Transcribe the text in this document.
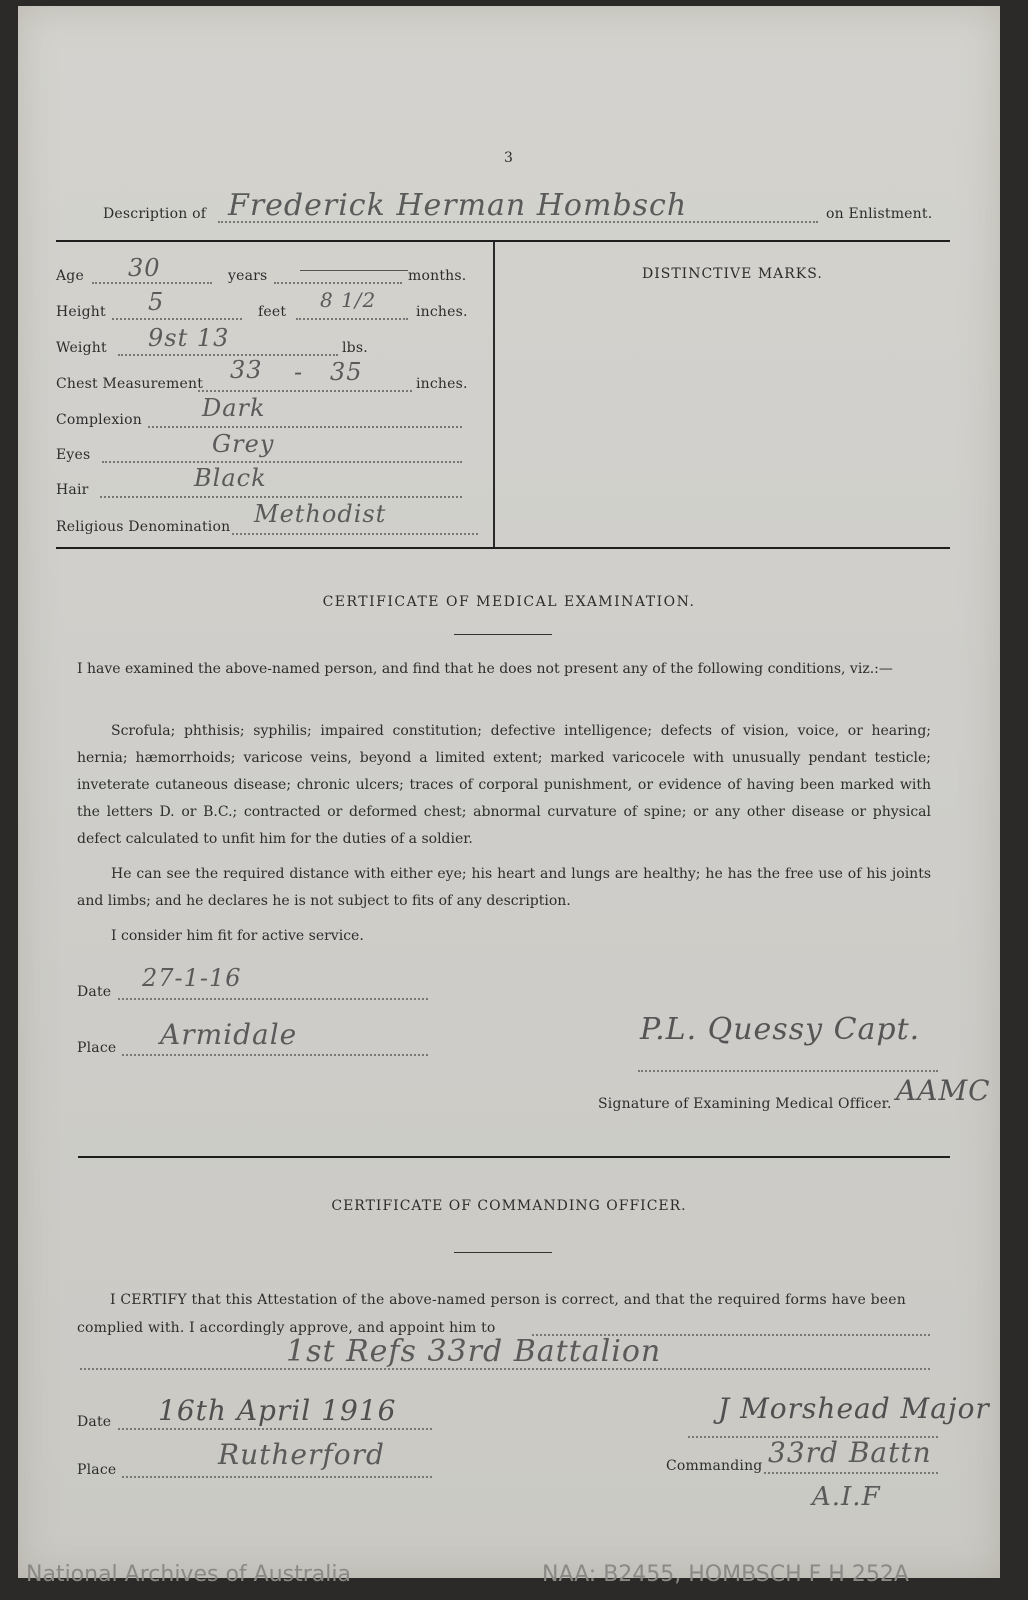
3
Description of Frederick Herman Hombsch	on Enlistment.
Age 30	years	months.
Height 5	feet 8 1/2	inches.
Weight 9st 13	lbs.
Chest Measurement 33 - 35	inches.
Complexion	Dark
Eyes	Grey
Hair	Black
Religious Denomination Methodist
DISTINCTIVE MARKS.
CERTIFICATE OF MEDICAL EXAMINATION.
I have examined the above-named person, and find that he does not present any of the following conditions, viz.:—
Scrofula; phthisis; syphilis; impaired constitution; defective intelligence; defects of vision, voice, or hearing; hernia; hæmorrhoids; varicose veins, beyond a limited extent; marked varicocele with unusually pendant testicle; inveterate cutaneous disease; chronic ulcers; traces of corporal punishment, or evidence of having been marked with the letters D. or B.C.; contracted or deformed chest; abnormal curvature of spine; or any other disease or physical defect calculated to unfit him for the duties of a soldier.
He can see the required distance with either eye; his heart and lungs are healthy; he has the free use of his joints and limbs; and he declares he is not subject to fits of any description.
I consider him fit for active service.
Date 27-1-16
Place Armidale	P.L. Quessy Capt.
AAMC
Signature of Examining Medical Officer.
CERTIFICATE OF COMMANDING OFFICER.
I CERTIFY that this Attestation of the above-named person is correct, and that the required forms have been
complied with. I accordingly approve, and appoint him to
1st Refs 33rd Battalion
Date 16th April 1916	J Morshead Major
Place	Rutherford	Commanding 33rd Battn
A.I.F
National Archives of Australia	NAA: B2455, HOMBSCH F H 252A
